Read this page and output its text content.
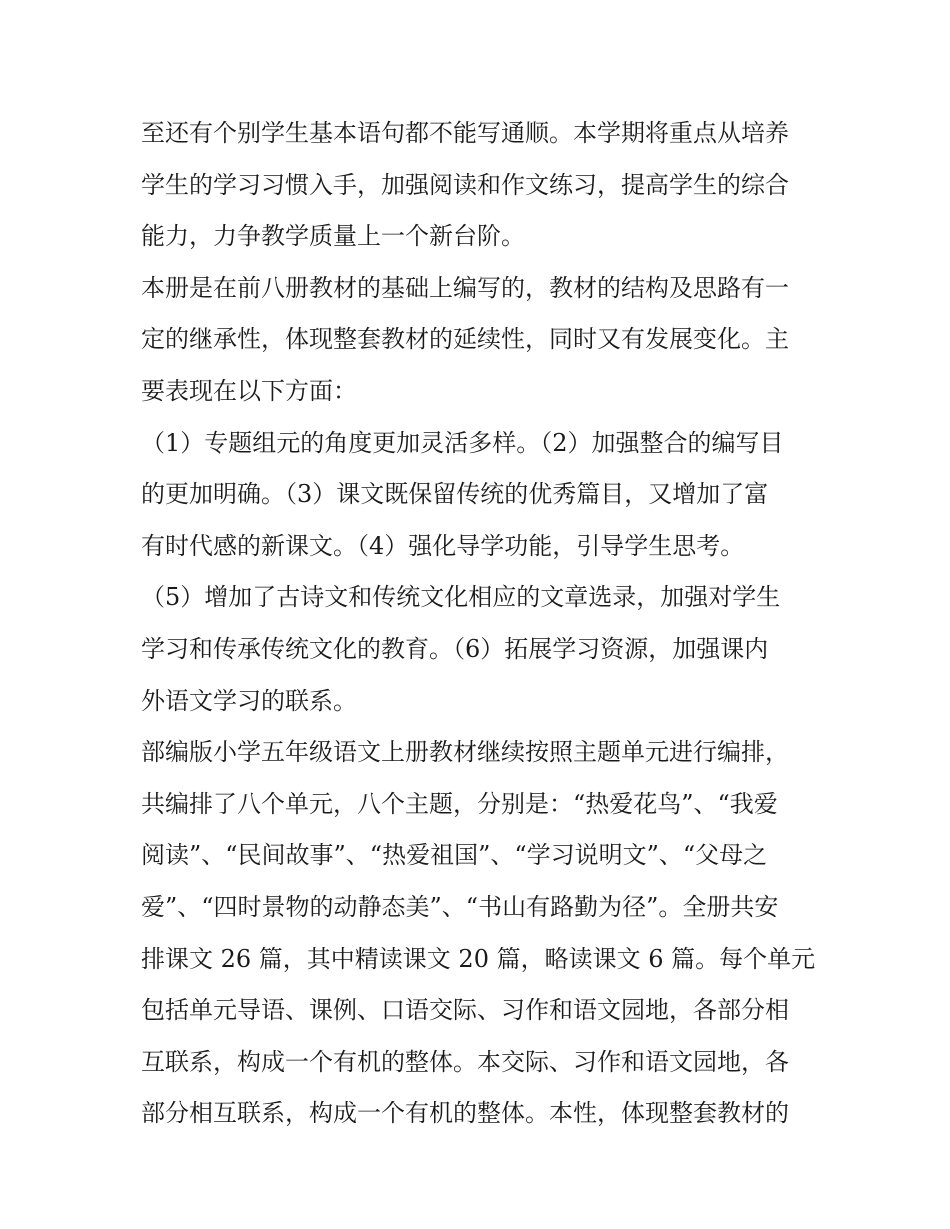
至还有个别学生基本语句都不能写通顺。本学期将重点从培养
学生的学习习惯入手，加强阅读和作文练习，提高学生的综合
能力，力争教学质量上一个新台阶。
本册是在前八册教材的基础上编写的，教材的结构及思路有一
定的继承性，体现整套教材的延续性，同时又有发展变化。主
要表现在以下方面：
（1）专题组元的角度更加灵活多样。（2）加强整合的编写目
的更加明确。（3）课文既保留传统的优秀篇目，又增加了富
有时代感的新课文。（4）强化导学功能，引导学生思考。
（5）增加了古诗文和传统文化相应的文章选录，加强对学生
学习和传承传统文化的教育。（6）拓展学习资源，加强课内
外语文学习的联系。
部编版小学五年级语文上册教材继续按照主题单元进行编排，
共编排了八个单元，八个主题，分别是：“热爱花鸟”、“我爱
阅读”、“民间故事”、“热爱祖国”、“学习说明文”、“父母之
爱”、“四时景物的动静态美”、“书山有路勤为径”。全册共安
排课文 26 篇，其中精读课文 20 篇，略读课文 6 篇。每个单元
包括单元导语、课例、口语交际、习作和语文园地，各部分相
互联系，构成一个有机的整体。本交际、习作和语文园地，各
部分相互联系，构成一个有机的整体。本性，体现整套教材的
